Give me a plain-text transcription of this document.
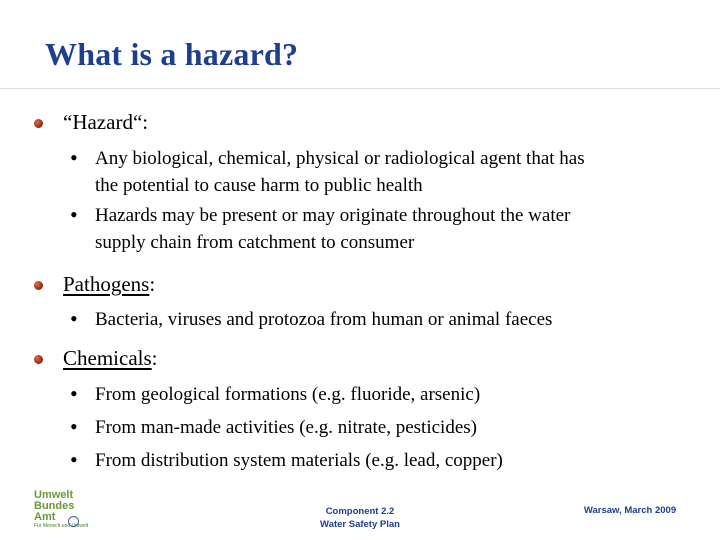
What is a hazard?
“Hazard“:
• Any biological, chemical, physical or radiological agent that has
the potential to cause harm to public health
• Hazards may be present or may originate throughout the water
supply chain from catchment to consumer
Pathogens:
• Bacteria, viruses and protozoa from human or animal faeces
Chemicals:
• From geological formations (e.g. fluoride, arsenic)
• From man-made activities (e.g. nitrate, pesticides)
• From distribution system materials (e.g. lead, copper)
Umwelt
Bundes
Amt
Für Mensch und Umwelt
Component 2.2
Water Safety Plan
Warsaw, March 2009
